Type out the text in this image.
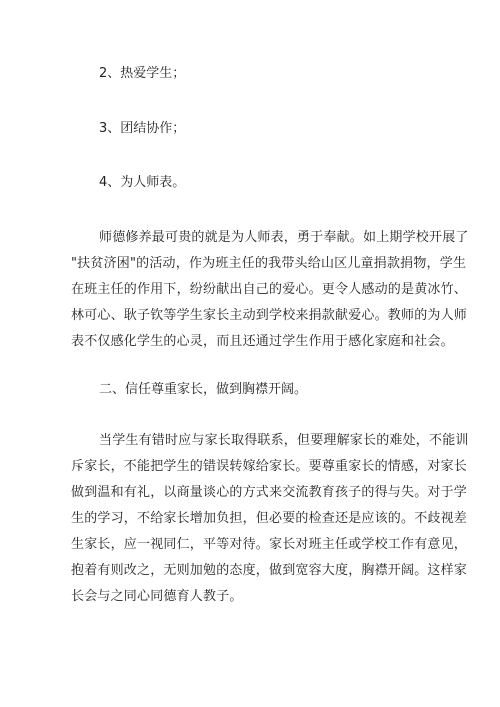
2、热爱学生；
3、团结协作；
4、为人师表。
师德修养最可贵的就是为人师表，勇于奉献。如上期学校开展了
"扶贫济困"的活动，作为班主任的我带头给山区儿童捐款捐物，学生
在班主任的作用下，纷纷献出自己的爱心。更令人感动的是黄冰竹、
林可心、耿子钦等学生家长主动到学校来捐款献爱心。教师的为人师
表不仅感化学生的心灵，而且还通过学生作用于感化家庭和社会。
二、信任尊重家长，做到胸襟开阔。
当学生有错时应与家长取得联系，但要理解家长的难处，不能训
斥家长，不能把学生的错误转嫁给家长。要尊重家长的情感，对家长
做到温和有礼，以商量谈心的方式来交流教育孩子的得与失。对于学
生的学习，不给家长增加负担，但必要的检查还是应该的。不歧视差
生家长，应一视同仁，平等对待。家长对班主任或学校工作有意见，
抱着有则改之，无则加勉的态度，做到宽容大度，胸襟开阔。这样家
长会与之同心同德育人教子。
